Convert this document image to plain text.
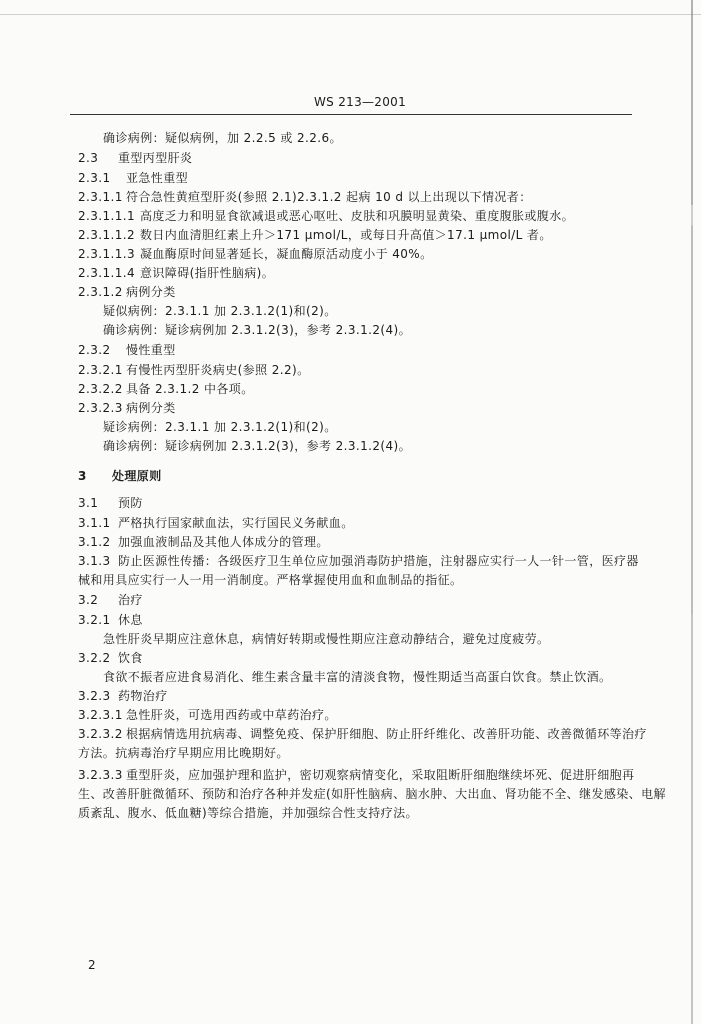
WS 213—2001
确诊病例：疑似病例，加 2.2.5 或 2.2.6。
2.3 重型丙型肝炎
2.3.1 亚急性重型
2.3.1.1 符合急性黄疸型肝炎(参照 2.1)2.3.1.2 起病 10 d 以上出现以下情况者：
2.3.1.1.1 高度乏力和明显食欲减退或恶心呕吐、皮肤和巩膜明显黄染、重度腹胀或腹水。
2.3.1.1.2 数日内血清胆红素上升＞171 μmol/L，或每日升高值＞17.1 μmol/L 者。
2.3.1.1.3 凝血酶原时间显著延长，凝血酶原活动度小于 40%。
2.3.1.1.4 意识障碍(指肝性脑病)。
2.3.1.2 病例分类
疑似病例：2.3.1.1 加 2.3.1.2(1)和(2)。
确诊病例：疑诊病例加 2.3.1.2(3)，参考 2.3.1.2(4)。
2.3.2 慢性重型
2.3.2.1 有慢性丙型肝炎病史(参照 2.2)。
2.3.2.2 具备 2.3.1.2 中各项。
2.3.2.3 病例分类
疑诊病例：2.3.1.1 加 2.3.1.2(1)和(2)。
确诊病例：疑诊病例加 2.3.1.2(3)，参考 2.3.1.2(4)。
3 处理原则
3.1 预防
3.1.1 严格执行国家献血法，实行国民义务献血。
3.1.2 加强血液制品及其他人体成分的管理。
3.1.3 防止医源性传播：各级医疗卫生单位应加强消毒防护措施，注射器应实行一人一针一管，医疗器
械和用具应实行一人一用一消制度。严格掌握使用血和血制品的指征。
3.2 治疗
3.2.1 休息
急性肝炎早期应注意休息，病情好转期或慢性期应注意动静结合，避免过度疲劳。
3.2.2 饮食
食欲不振者应进食易消化、维生素含量丰富的清淡食物，慢性期适当高蛋白饮食。禁止饮酒。
3.2.3 药物治疗
3.2.3.1 急性肝炎，可选用西药或中草药治疗。
3.2.3.2 根据病情选用抗病毒、调整免疫、保护肝细胞、防止肝纤维化、改善肝功能、改善微循环等治疗
方法。抗病毒治疗早期应用比晚期好。
3.2.3.3 重型肝炎，应加强护理和监护，密切观察病情变化，采取阻断肝细胞继续坏死、促进肝细胞再
生、改善肝脏微循环、预防和治疗各种并发症(如肝性脑病、脑水肿、大出血、肾功能不全、继发感染、电解
质紊乱、腹水、低血糖)等综合措施，并加强综合性支持疗法。
2
